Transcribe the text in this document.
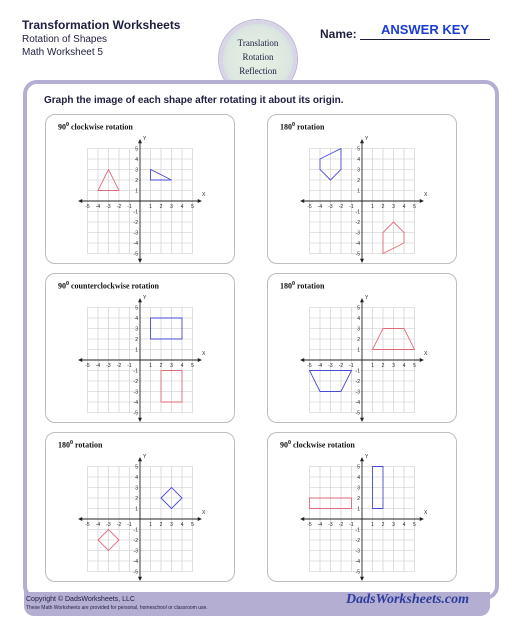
Transformation Worksheets
Rotation of Shapes
Math Worksheet 5
Translation
Rotation
Reflection
Name:	ANSWER KEY
Graph the image of each shape after rotating it about its origin.
$90^0$ clockwise rotation
X
Y
-5 -4 -3 -2 -1	1 2 3 4 5
5
4
3
2
1
-1
-2
-3
-4
-5
$180^0$ rotation
X
Y
-5 -4 -3 -2 -1	1 2 3 4 5
5
4
3
2
1
-1
-2
-3
-4
-5
$90^0$ counterclockwise rotation
X
Y
-5 -4 -3 -2 -1	1 2 3 4 5
5
4
3
2
1
-1
-2
-3
-4
-5
$180^0$ rotation
X
Y
-5 -4 -3 -2 -1	1 2 3 4 5
5
4
3
2
1
-1
-2
-3
-4
-5
$180^0$ rotation
X
Y
-5 -4 -3 -2 -1	1 2 3 4 5
5
4
3
2
1
-1
-2
-3
-4
-5
$90^0$ clockwise rotation
X
Y
-5 -4 -3 -2 -1	1 2 3 4 5
5
4
3
2
1
-1
-2
-3
-4
-5
Copyright © DadsWorksheets, LLC
These Math Worksheets are provided for personal, homeschool or classroom use.
DadsWorksheets.com
